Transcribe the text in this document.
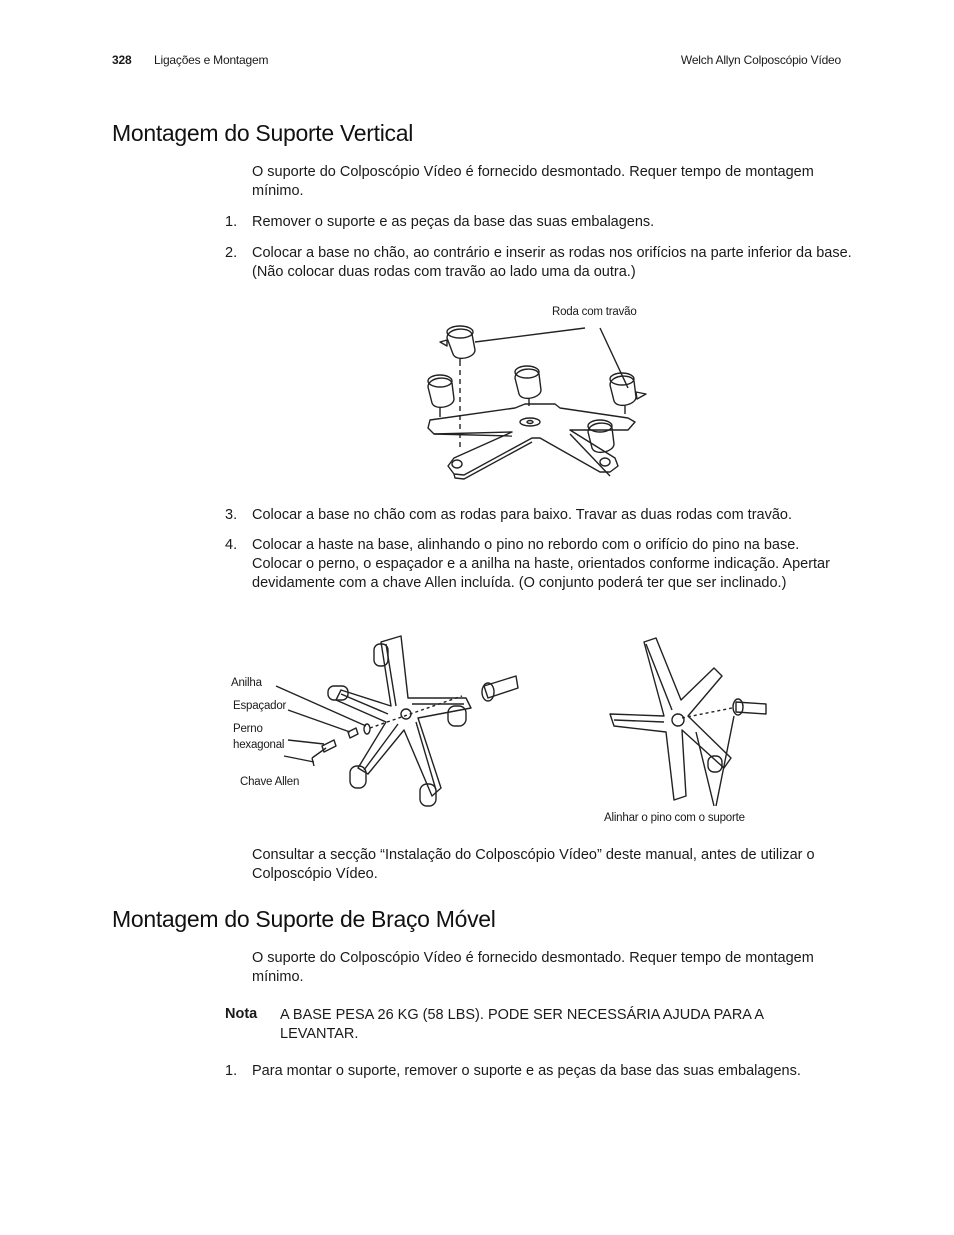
328 Ligações e Montagem	Welch Allyn Colposcópio Vídeo
Montagem do Suporte Vertical
O suporte do Colposcópio Vídeo é fornecido desmontado. Requer tempo de montagem mínimo.
1. Remover o suporte e as peças da base das suas embalagens.
2. Colocar a base no chão, ao contrário e inserir as rodas nos orifícios na parte inferior da base. (Não colocar duas rodas com travão ao lado uma da outra.)
Roda com travão
3. Colocar a base no chão com as rodas para baixo. Travar as duas rodas com travão.
4. Colocar a haste na base, alinhando o pino no rebordo com o orifício do pino na base. Colocar o perno, o espaçador e a anilha na haste, orientados conforme indicação. Apertar devidamente com a chave Allen incluída. (O conjunto poderá ter que ser inclinado.)
Anilha
Espaçador
Perno
hexagonal
Chave Allen
Alinhar o pino com o suporte
Consultar a secção “Instalação do Colposcópio Vídeo” deste manual, antes de utilizar o Colposcópio Vídeo.
Montagem do Suporte de Braço Móvel
O suporte do Colposcópio Vídeo é fornecido desmontado. Requer tempo de montagem mínimo.
Nota A BASE PESA 26 KG (58 LBS). PODE SER NECESSÁRIA AJUDA PARA A LEVANTAR.
1. Para montar o suporte, remover o suporte e as peças da base das suas embalagens.
